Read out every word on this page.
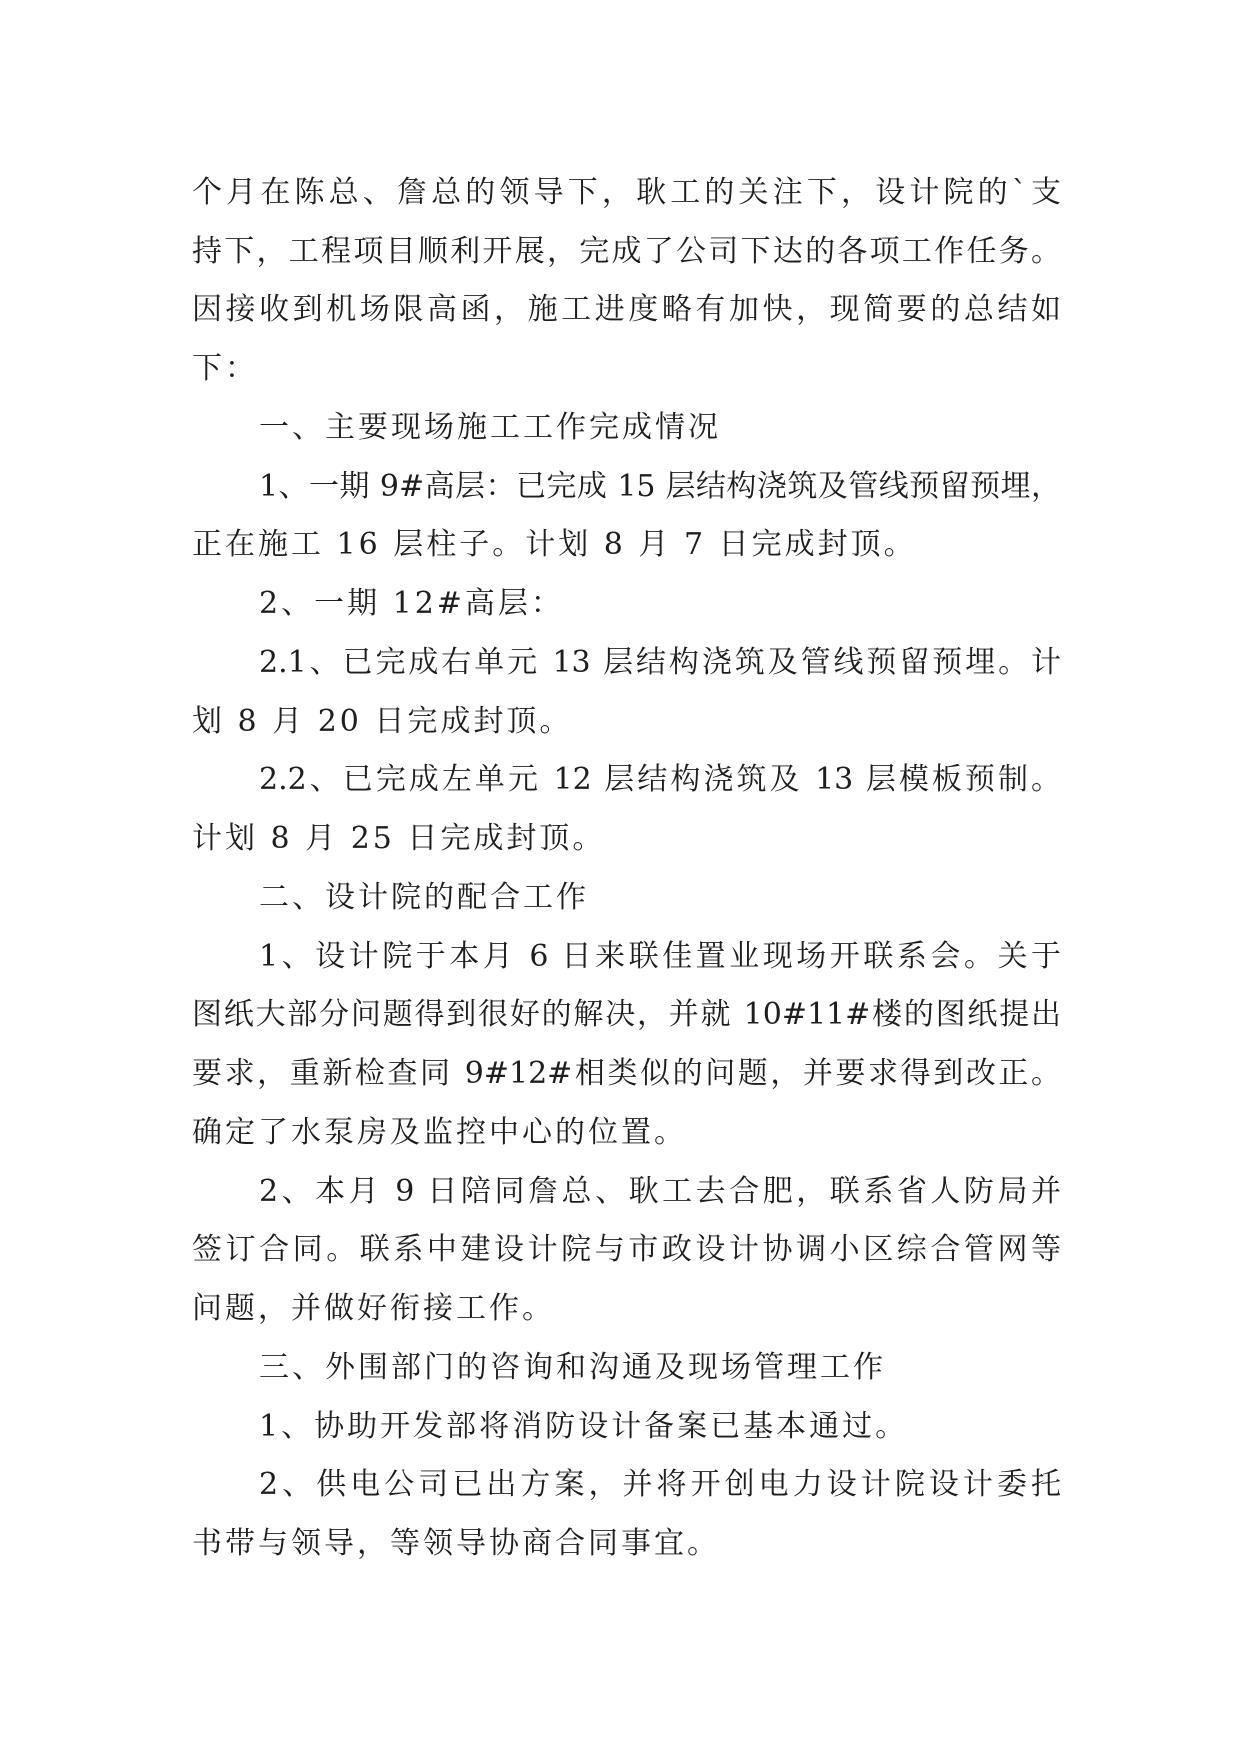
个月在陈总、詹总的领导下，耿工的关注下，设计院的`支
持下，工程项目顺利开展，完成了公司下达的各项工作任务。
因接收到机场限高函，施工进度略有加快，现简要的总结如
下：
一、主要现场施工工作完成情况
1、一期 9#高层：已完成 15 层结构浇筑及管线预留预埋，
正在施工 16 层柱子。计划 8 月 7 日完成封顶。
2、一期 12#高层：
2.1、已完成右单元 13 层结构浇筑及管线预留预埋。计
划 8 月 20 日完成封顶。
2.2、已完成左单元 12 层结构浇筑及 13 层模板预制。
计划 8 月 25 日完成封顶。
二、设计院的配合工作
1、设计院于本月 6 日来联佳置业现场开联系会。关于
图纸大部分问题得到很好的解决，并就 10#11#楼的图纸提出
要求，重新检查同 9#12#相类似的问题，并要求得到改正。
确定了水泵房及监控中心的位置。
2、本月 9 日陪同詹总、耿工去合肥，联系省人防局并
签订合同。联系中建设计院与市政设计协调小区综合管网等
问题，并做好衔接工作。
三、外围部门的咨询和沟通及现场管理工作
1、协助开发部将消防设计备案已基本通过。
2、供电公司已出方案，并将开创电力设计院设计委托
书带与领导，等领导协商合同事宜。
